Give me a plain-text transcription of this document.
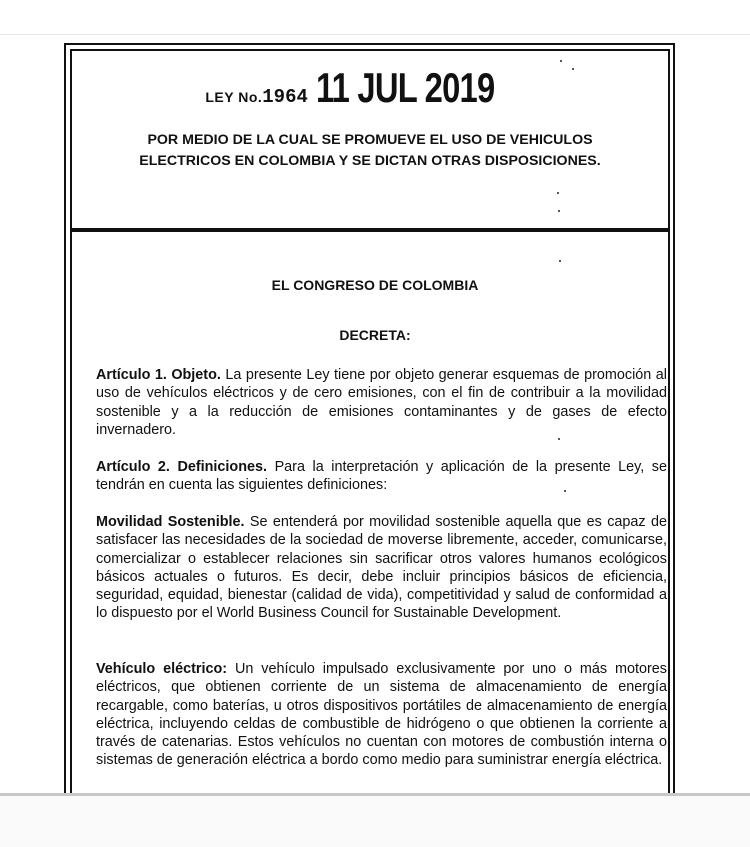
LEY No.1964 11 JUL 2019
POR MEDIO DE LA CUAL SE PROMUEVE EL USO DE VEHICULOS
ELECTRICOS EN COLOMBIA Y SE DICTAN OTRAS DISPOSICIONES.
EL CONGRESO DE COLOMBIA
DECRETA:
Artículo 1. Objeto. La presente Ley tiene por objeto generar esquemas de promoción al uso de vehículos eléctricos y de cero emisiones, con el fin de contribuir a la movilidad sostenible y a la reducción de emisiones contaminantes y de gases de efecto invernadero.
Artículo 2. Definiciones. Para la interpretación y aplicación de la presente Ley, se tendrán en cuenta las siguientes definiciones:
Movilidad Sostenible. Se entenderá por movilidad sostenible aquella que es capaz de satisfacer las necesidades de la sociedad de moverse libremente, acceder, comunicarse, comercializar o establecer relaciones sin sacrificar otros valores humanos ecológicos básicos actuales o futuros. Es decir, debe incluir principios básicos de eficiencia, seguridad, equidad, bienestar (calidad de vida), competitividad y salud de conformidad a lo dispuesto por el World Business Council for Sustainable Development.
Vehículo eléctrico: Un vehículo impulsado exclusivamente por uno o más motores eléctricos, que obtienen corriente de un sistema de almacenamiento de energía recargable, como baterías, u otros dispositivos portátiles de almacenamiento de energía eléctrica, incluyendo celdas de combustible de hidrógeno o que obtienen la corriente a través de catenarias. Estos vehículos no cuentan con motores de combustión interna o sistemas de generación eléctrica a bordo como medio para suministrar energía eléctrica.
